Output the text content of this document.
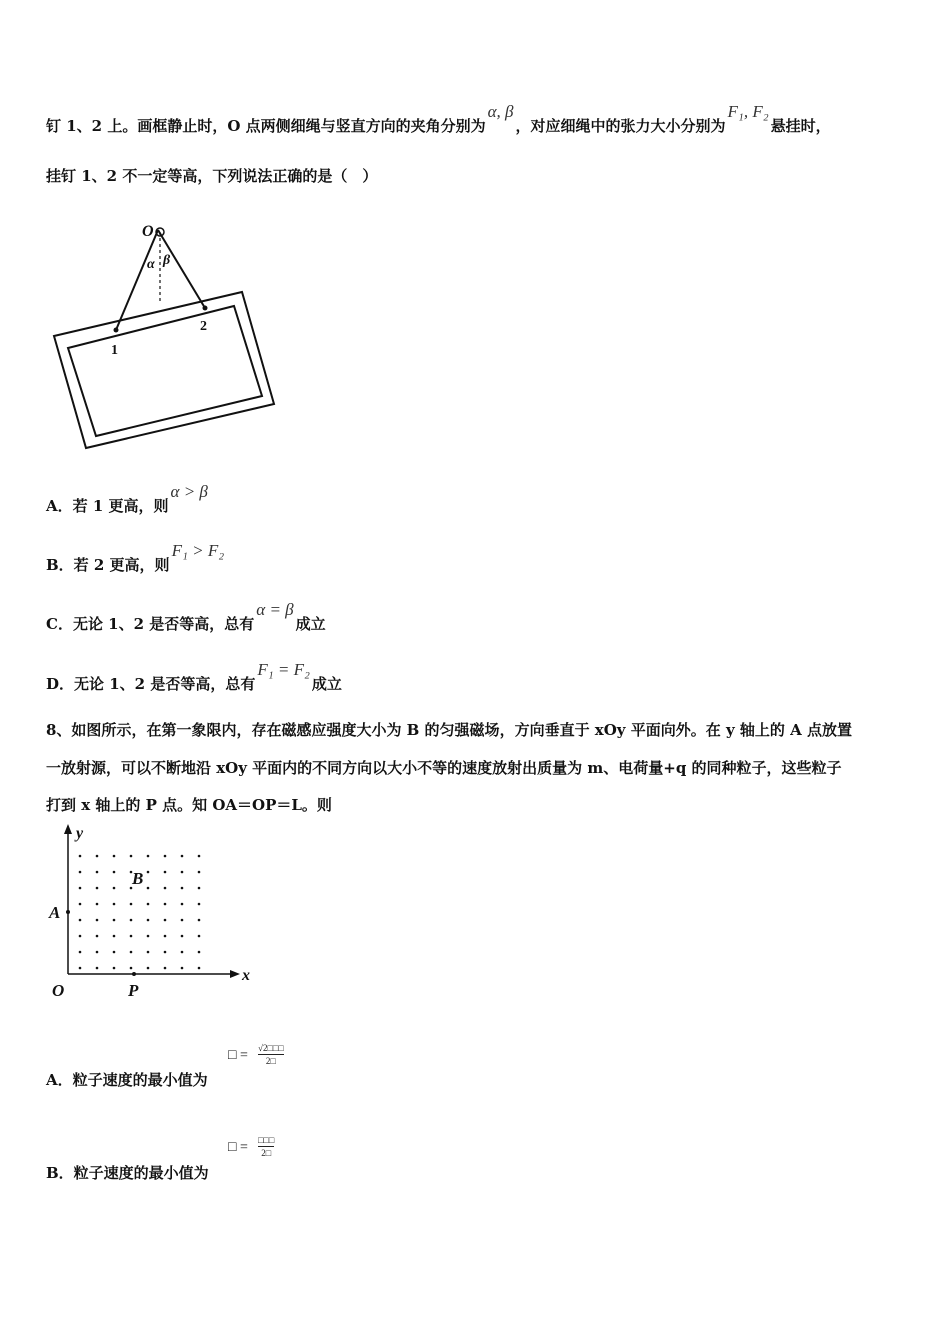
钉 1、2 上。画框静止时，O 点两侧细绳与竖直方向的夹角分别为α, β，对应细绳中的张力大小分别为F₁, F₂悬挂时，
挂钉 1、2 不一定等高，下列说法正确的是（　）
O
α β
1
2
A．若 1 更高，则α > β
B．若 2 更高，则F₁ > F₂
C．无论 1、2 是否等高，总有α = β成立
D．无论 1、2 是否等高，总有F₁ = F₂成立
8、如图所示，在第一象限内，存在磁感应强度大小为 B 的匀强磁场，方向垂直于 xOy 平面向外。在 y 轴上的 A 点放置
一放射源，可以不断地沿 xOy 平面内的不同方向以大小不等的速度放射出质量为 m、电荷量+q 的同种粒子，这些粒子
打到 x 轴上的 P 点。知 OA＝OP＝L。则
y
x
O
A
P
B
A．粒子速度的最小值为
□ = √2□□□
2□
B．粒子速度的最小值为
□ = □□□
2□
